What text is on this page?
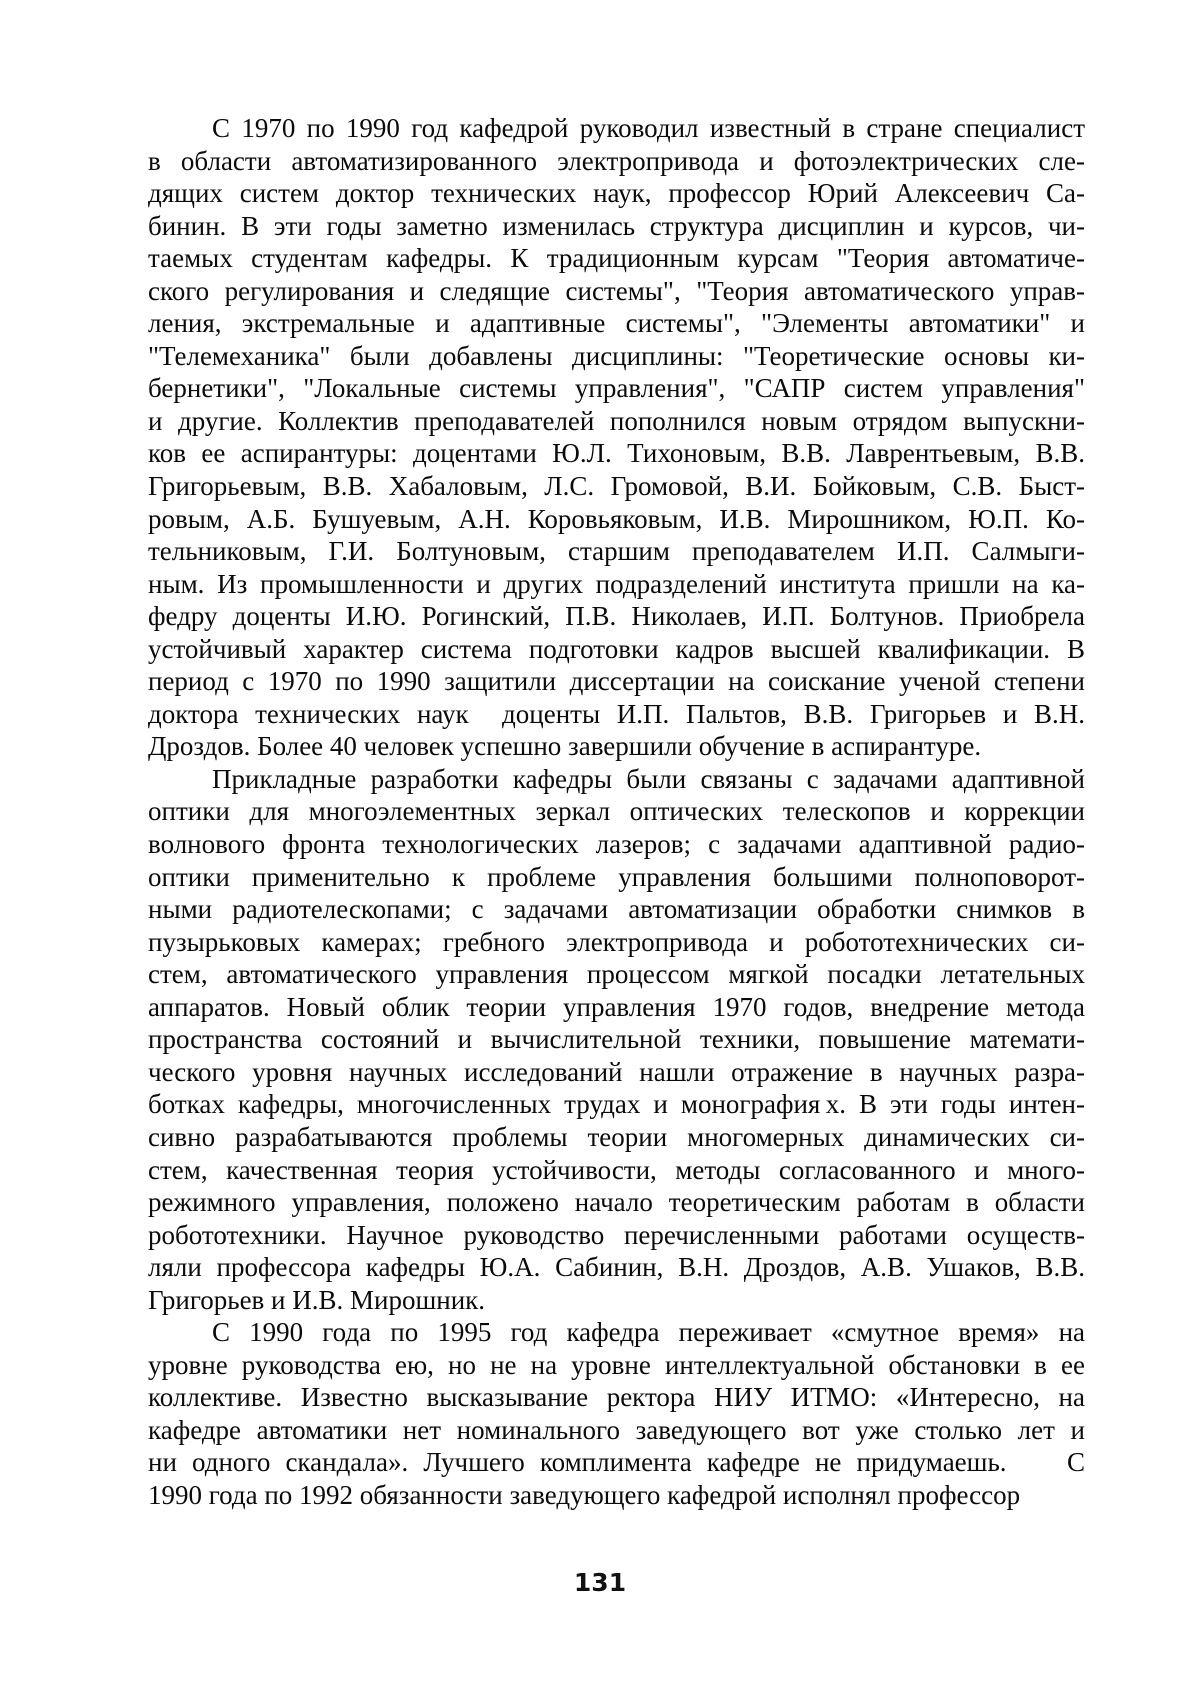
С 1970 по 1990 год кафедрой руководил известный в стране специалист
в области автоматизированного электропривода и фотоэлектрических сле-
дящих систем доктор технических наук, профессор Юрий Алексеевич Са-
бинин. В эти годы заметно изменилась структура дисциплин и курсов, чи-
таемых студентам кафедры. К традиционным курсам "Теория автоматиче-
ского регулирования и следящие системы", "Теория автоматического управ-
ления, экстремальные и адаптивные системы", "Элементы автоматики" и
"Телемеханика" были добавлены дисциплины: "Теоретические основы ки-
бернетики", "Локальные системы управления", "САПР систем управления"
и другие. Коллектив преподавателей пополнился новым отрядом выпускни-
ков ее аспирантуры: доцентами Ю.Л. Тихоновым, В.В. Лаврентьевым, В.В.
Григорьевым, В.В. Хабаловым, Л.С. Громовой, В.И. Бойковым, С.В. Быст-
ровым, А.Б. Бушуевым, А.Н. Коровьяковым, И.В. Мирошником, Ю.П. Ко-
тельниковым, Г.И. Болтуновым, старшим преподавателем И.П. Салмыги-
ным. Из промышленности и других подразделений института пришли на ка-
федру доценты И.Ю. Рогинский, П.В. Николаев, И.П. Болтунов. Приобрела
устойчивый характер система подготовки кадров высшей квалификации. В
период с 1970 по 1990 защитили диссертации на соискание ученой степени
доктора технических наук  доценты И.П. Пальтов, В.В. Григорьев и В.Н.
Дроздов. Более 40 человек успешно завершили обучение в аспирантуре.
Прикладные разработки кафедры были связаны с задачами адаптивной
оптики для многоэлементных зеркал оптических телескопов и коррекции
волнового фронта технологических лазеров; с задачами адаптивной радио-
оптики применительно к проблеме управления большими полноповорот-
ными радиотелескопами; с задачами автоматизации обработки снимков в
пузырьковых камерах; гребного электропривода и робототехнических си-
стем, автоматического управления процессом мягкой посадки летательных
аппаратов. Новый облик теории управления 1970 годов, внедрение метода
пространства состояний и вычислительной техники, повышение математи-
ческого уровня научных исследований нашли отражение в научных разра-
ботках кафедры, многочисленных трудах и монография х. В эти годы интен-
сивно разрабатываются проблемы теории многомерных динамических си-
стем, качественная теория устойчивости, методы согласованного и много-
режимного управления, положено начало теоретическим работам в области
робототехники. Научное руководство перечисленными работами осуществ-
ляли профессора кафедры Ю.А. Сабинин, В.Н. Дроздов, А.В. Ушаков, В.В.
Григорьев и И.В. Мирошник.
С 1990 года по 1995 год кафедра переживает «смутное время» на
уровне руководства ею, но не на уровне интеллектуальной обстановки в ее
коллективе. Известно высказывание ректора НИУ ИТМО: «Интересно, на
кафедре автоматики нет номинального заведующего вот уже столько лет и
ни одного скандала». Лучшего комплимента кафедре не придумаешь.    С
1990 года по 1992 обязанности заведующего кафедрой исполнял профессор
131
